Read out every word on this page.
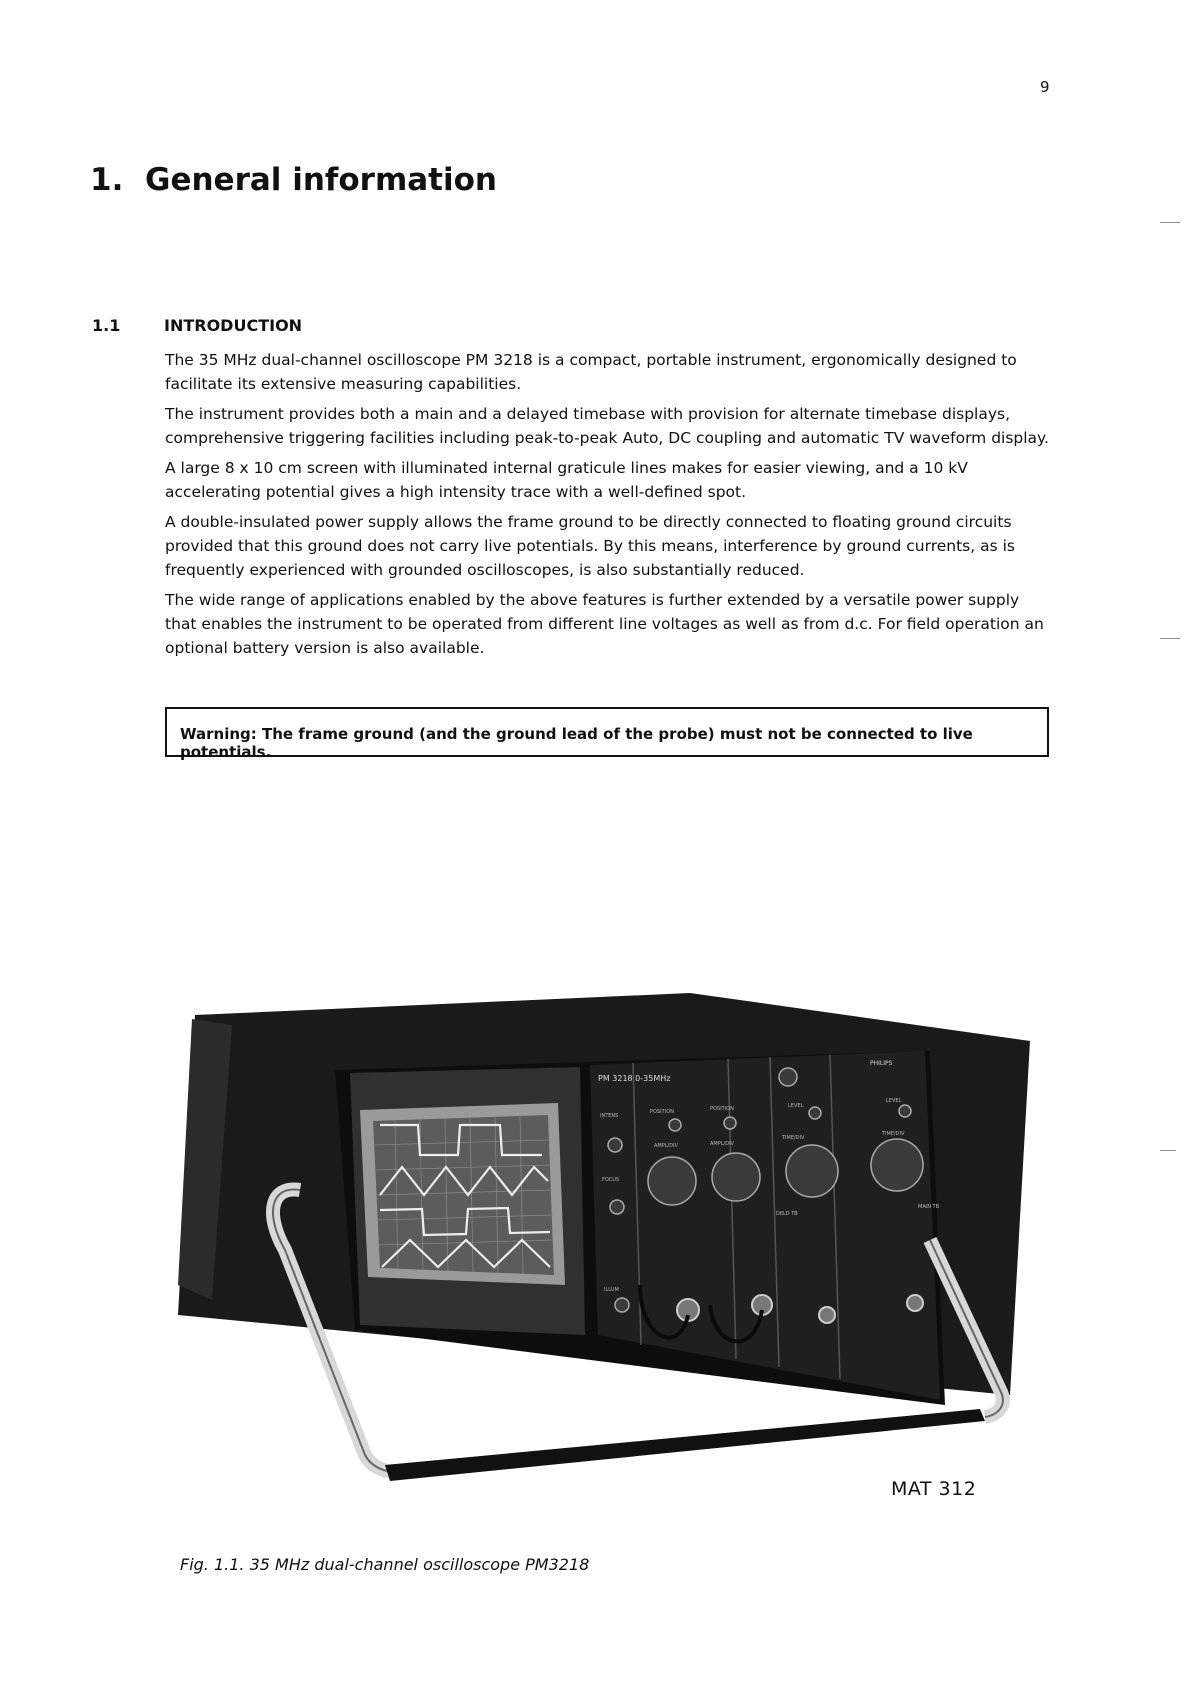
9
1. General information
1.1	INTRODUCTION

The 35 MHz dual-channel oscilloscope PM 3218 is a compact, portable instrument, ergonomically designed to facilitate its extensive measuring capabilities.

The instrument provides both a main and a delayed timebase with provision for alternate timebase displays, comprehensive triggering facilities including peak-to-peak Auto, DC coupling and automatic TV waveform display.

A large 8 x 10 cm screen with illuminated internal graticule lines makes for easier viewing, and a 10 kV accelerating potential gives a high intensity trace with a well-defined spot.

A double-insulated power supply allows the frame ground to be directly connected to floating ground circuits provided that this ground does not carry live potentials. By this means, interference by ground currents, as is frequently experienced with grounded oscilloscopes, is also substantially reduced.

The wide range of applications enabled by the above features is further extended by a versatile power supply that enables the instrument to be operated from different line voltages as well as from d.c. For field operation an optional battery version is also available.

Warning: The frame ground (and the ground lead of the probe) must not be connected to live potentials.
PM 3218 0-35MHz
PHILIPS
INTENS
FOCUS
ILLUM
POSITION	POSITION
AMPL/DIV	AMPL/DIV
LEVEL
LEVEL
TIME/DIV
TIME/DIV
DELD TB
MAIN TB
MAT 312
Fig. 1.1. 35 MHz dual-channel oscilloscope PM3218
